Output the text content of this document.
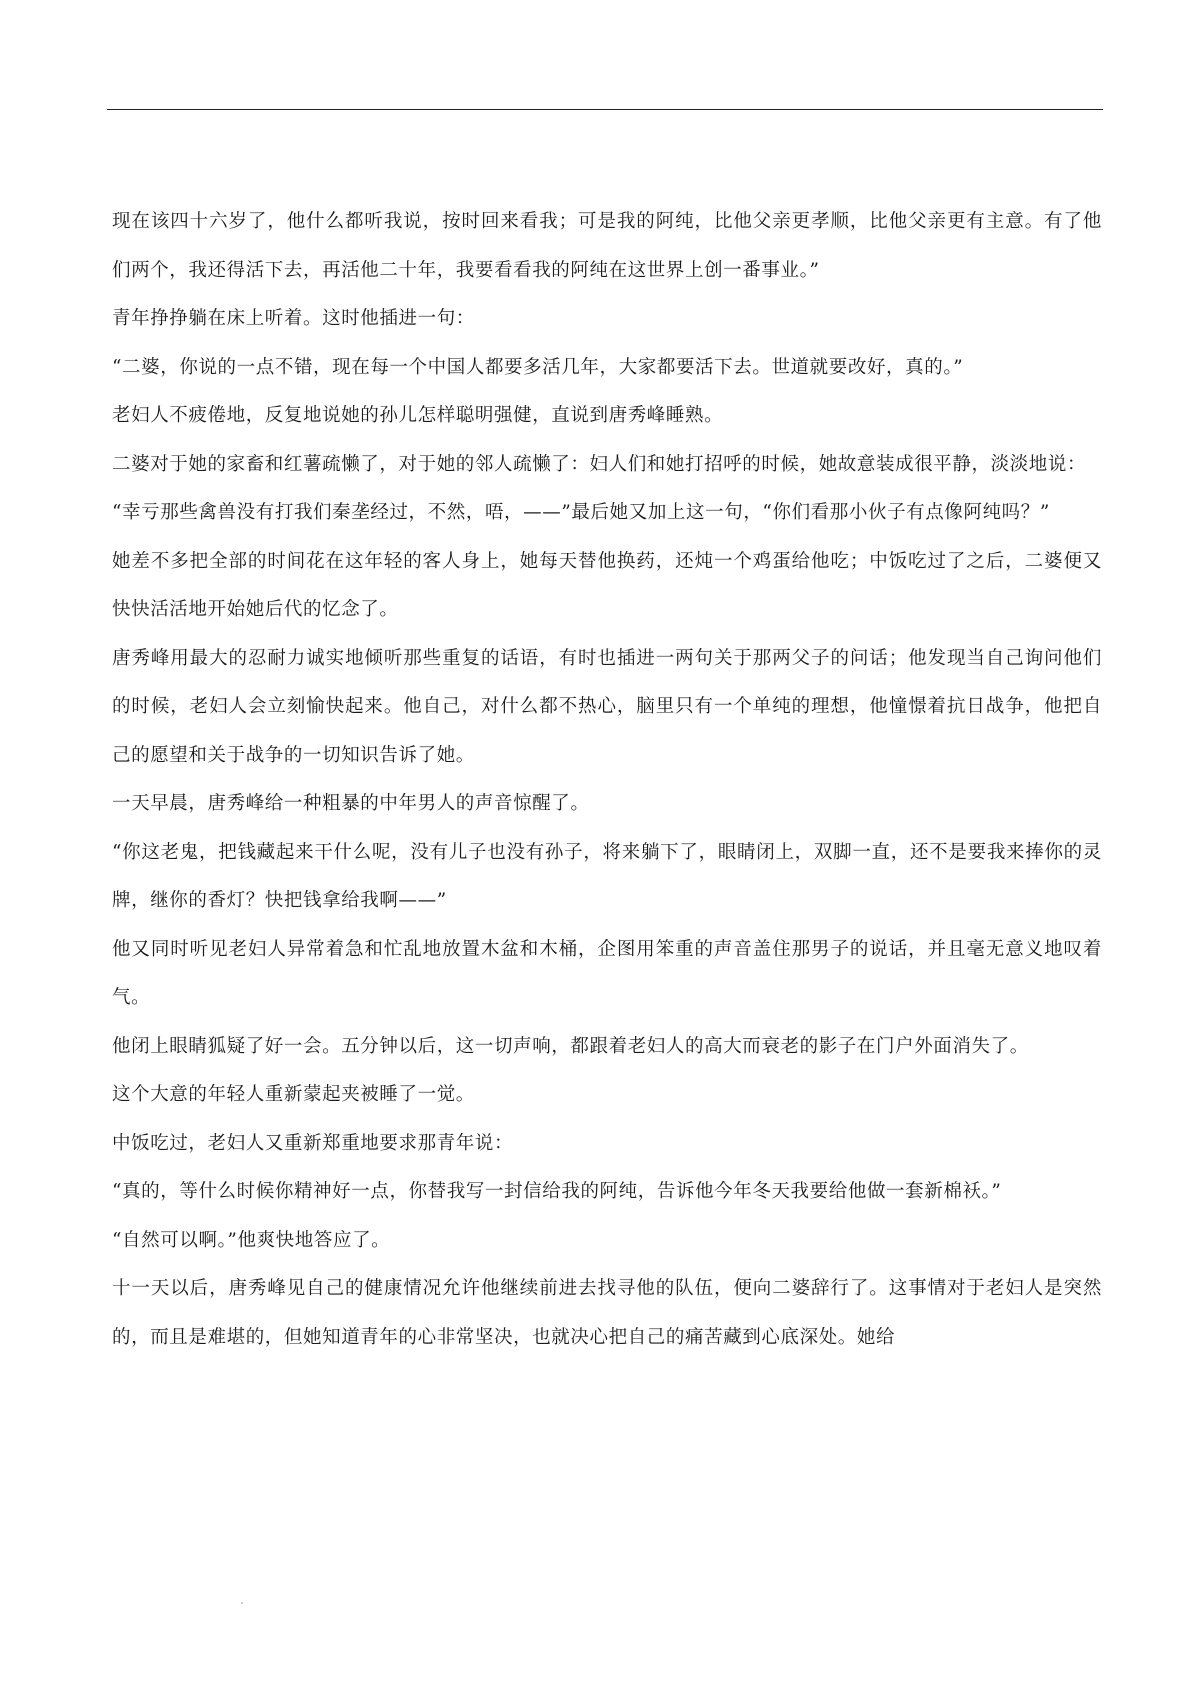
现在该四十六岁了，他什么都听我说，按时回来看我；可是我的阿纯，比他父亲更孝顺，比他父亲更有主意。有了他们两个，我还得活下去，再活他二十年，我要看看我的阿纯在这世界上创一番事业。”

青年挣挣躺在床上听着。这时他插进一句：

“二婆，你说的一点不错，现在每一个中国人都要多活几年，大家都要活下去。世道就要改好，真的。”

老妇人不疲倦地，反复地说她的孙儿怎样聪明强健，直说到唐秀峰睡熟。

二婆对于她的家畜和红薯疏懒了，对于她的邻人疏懒了：妇人们和她打招呼的时候，她故意装成很平静，淡淡地说：

“幸亏那些禽兽没有打我们秦垄经过，不然，唔，——”最后她又加上这一句，“你们看那小伙子有点像阿纯吗？”

她差不多把全部的时间花在这年轻的客人身上，她每天替他换药，还炖一个鸡蛋给他吃；中饭吃过了之后，二婆便又快快活活地开始她后代的忆念了。

唐秀峰用最大的忍耐力诚实地倾听那些重复的话语，有时也插进一两句关于那两父子的问话；他发现当自己询问他们的时候，老妇人会立刻愉快起来。他自己，对什么都不热心，脑里只有一个单纯的理想，他憧憬着抗日战争，他把自己的愿望和关于战争的一切知识告诉了她。

一天早晨，唐秀峰给一种粗暴的中年男人的声音惊醒了。

“你这老鬼，把钱藏起来干什么呢，没有儿子也没有孙子，将来躺下了，眼睛闭上，双脚一直，还不是要我来捧你的灵牌，继你的香灯？快把钱拿给我啊——”

他又同时听见老妇人异常着急和忙乱地放置木盆和木桶，企图用笨重的声音盖住那男子的说话，并且毫无意义地叹着气。

他闭上眼睛狐疑了好一会。五分钟以后，这一切声响，都跟着老妇人的高大而衰老的影子在门户外面消失了。

这个大意的年轻人重新蒙起夹被睡了一觉。

中饭吃过，老妇人又重新郑重地要求那青年说：

“真的，等什么时候你精神好一点，你替我写一封信给我的阿纯，告诉他今年冬天我要给他做一套新棉袄。”

“自然可以啊。”他爽快地答应了。

十一天以后，唐秀峰见自己的健康情况允许他继续前进去找寻他的队伍，便向二婆辞行了。这事情对于老妇人是突然的，而且是难堪的，但她知道青年的心非常坚决，也就决心把自己的痛苦藏到心底深处。她给
